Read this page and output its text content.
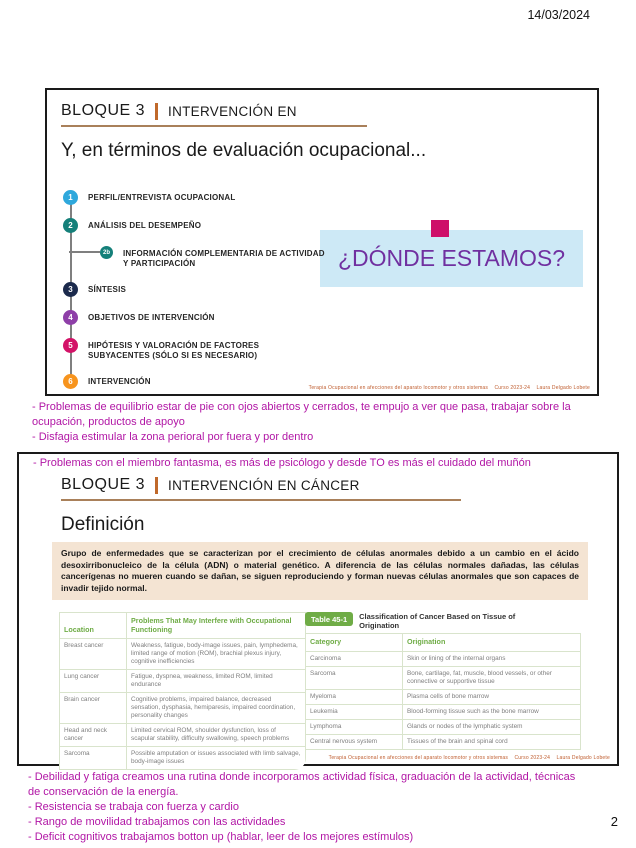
14/03/2024
BLOQUE 3 INTERVENCIÓN EN
Y, en términos de evaluación ocupacional...
1	PERFIL/ENTREVISTA OCUPACIONAL
2	ANÁLISIS DEL DESEMPEÑO
2b	INFORMACIÓN COMPLEMENTARIA DE ACTIVIDAD Y PARTICIPACIÓN
3	SÍNTESIS
4	OBJETIVOS DE INTERVENCIÓN
5	HIPÓTESIS Y VALORACIÓN DE FACTORES SUBYACENTES (SÓLO SI ES NECESARIO)
6	INTERVENCIÓN
¿DÓNDE ESTAMOS?
Terapia Ocupacional en afecciones del aparato locomotor y otros sistemas    Curso 2023-24    Laura Delgado Lobete
- Problemas de equilibrio estar de pie con ojos abiertos y cerrados, te empujo a ver que pasa, trabajar sobre la ocupación, productos de apoyo
- Disfagia estimular la zona perioral por fuera y por dentro
- Problemas con el miembro fantasma, es más de psicólogo y desde TO es más el cuidado del muñón
BLOQUE 3 INTERVENCIÓN EN CÁNCER
Definición
Grupo de enfermedades que se caracterizan por el crecimiento de células anormales debido a un cambio en el ácido desoxirribonucleico de la célula (ADN) o material genético. A diferencia de las células normales dañadas, las células cancerígenas no mueren cuando se dañan, se siguen reproduciendo y forman nuevas células anormales que son capaces de invadir tejido normal.
Location	Problems That May Interfere with Occupational Functioning
Breast cancer	Weakness, fatigue, body-image issues, pain, lymphedema, limited range of motion (ROM), brachial plexus injury, cognitive inefficiencies
Lung cancer	Fatigue, dyspnea, weakness, limited ROM, limited endurance
Brain cancer	Cognitive problems, impaired balance, decreased sensation, dysphasia, hemiparesis, impaired coordination, personality changes
Head and neck cancer	Limited cervical ROM, shoulder dysfunction, loss of scapular stability, difficulty swallowing, speech problems
Sarcoma	Possible amputation or issues associated with limb salvage, body-image issues
Table 45-1	Classification of Cancer Based on Tissue of Origination
Category	Origination
Carcinoma	Skin or lining of the internal organs
Sarcoma	Bone, cartilage, fat, muscle, blood vessels, or other connective or supportive tissue
Myeloma	Plasma cells of bone marrow
Leukemia	Blood-forming tissue such as the bone marrow
Lymphoma	Glands or nodes of the lymphatic system
Central nervous system	Tissues of the brain and spinal cord
Terapia Ocupacional en afecciones del aparato locomotor y otros sistemas    Curso 2023-24    Laura Delgado Lobete
- Debilidad y fatiga creamos una rutina donde incorporamos actividad física, graduación de la actividad, técnicas de conservación de la energía.
- Resistencia se trabaja con fuerza y cardio
- Rango de movilidad trabajamos con las actividades
- Deficit cognitivos trabajamos botton up (hablar, leer de los mejores estímulos)
2
